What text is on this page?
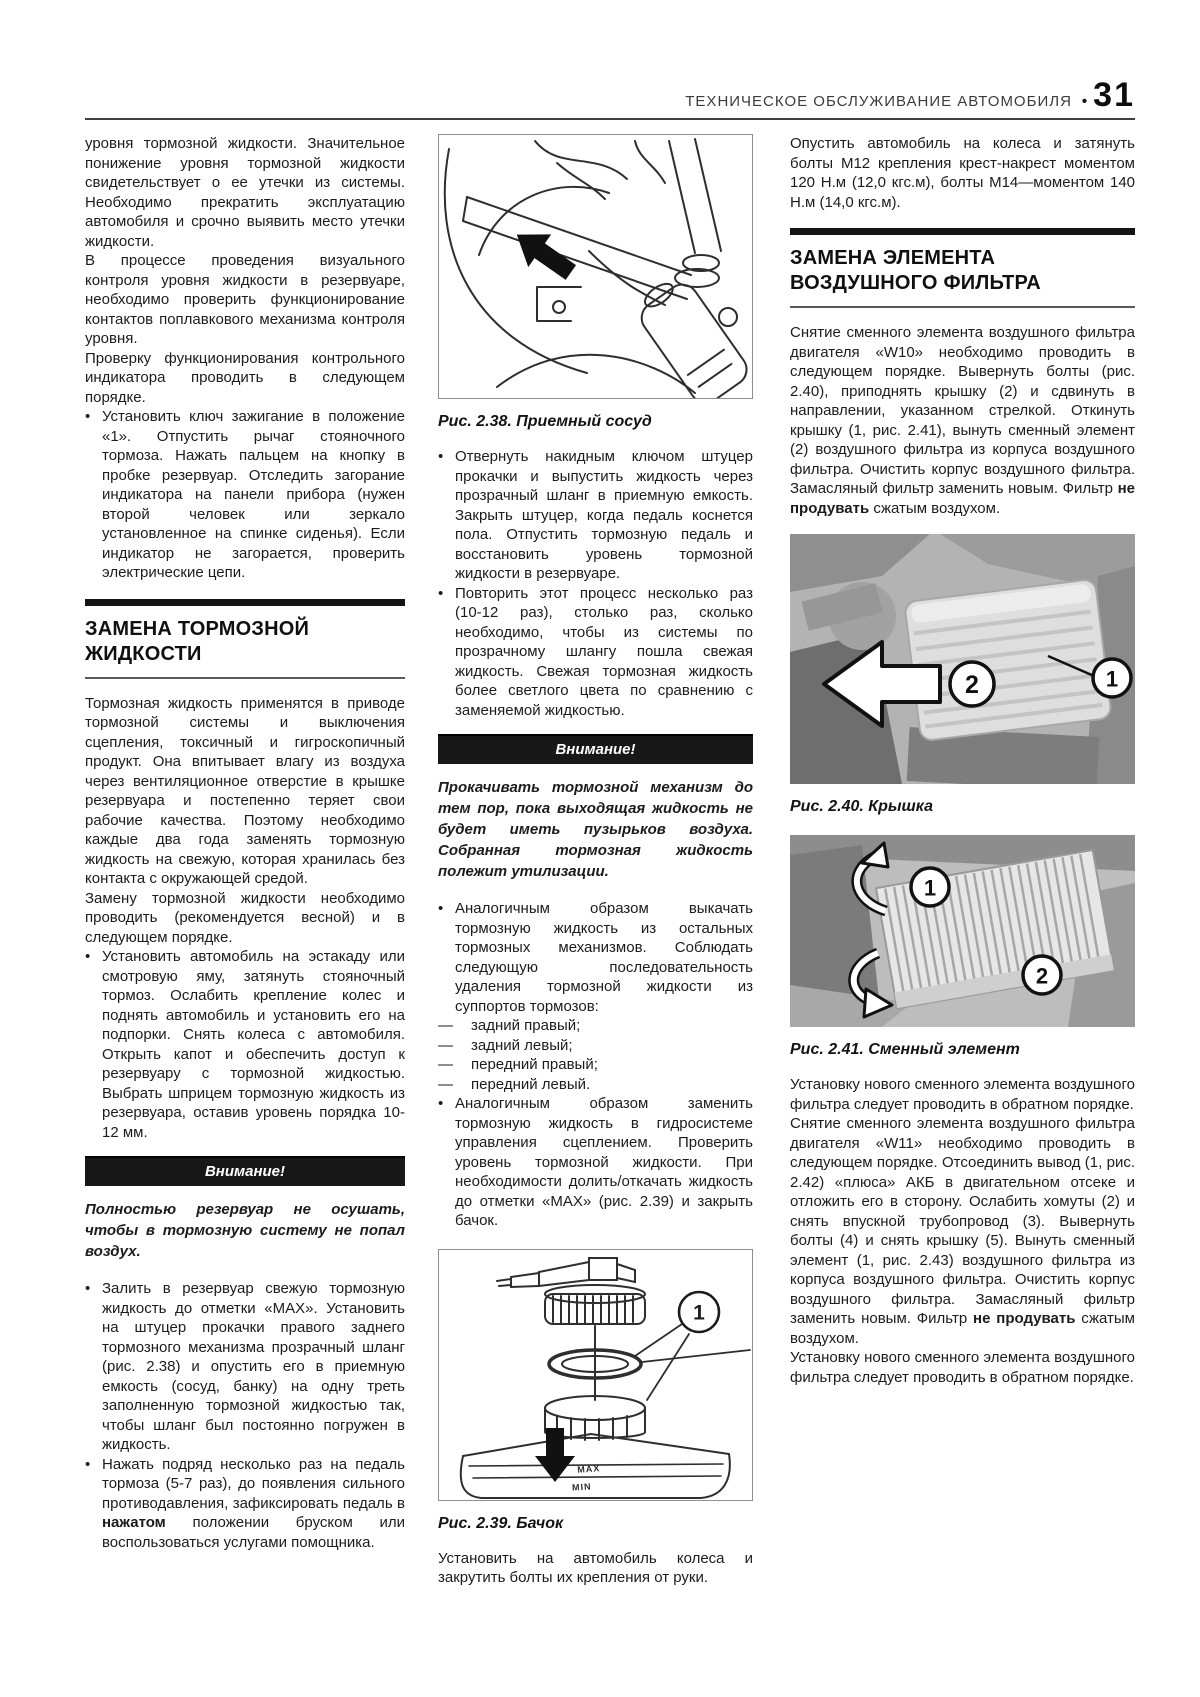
ТЕХНИЧЕСКОЕ ОБСЛУЖИВАНИЕ АВТОМОБИЛЯ • 31

уровня тормозной жидкости. Значительное понижение уровня тормозной жидкости свидетельствует о ее утечки из системы. Необходимо прекратить эксплуатацию автомобиля и срочно выявить место утечки жидкости.

В процессе проведения визуального контроля уровня жидкости в резервуаре, необходимо проверить функционирование контактов поплавкового механизма контроля уровня.

Проверку функционирования контрольного индикатора проводить в следующем порядке.

• Установить ключ зажигание в положение «1». Отпустить рычаг стояночного тормоза. Нажать пальцем на кнопку в пробке резервуар. Отследить загорание индикатора на панели прибора (нужен второй человек или зеркало установленное на спинке сиденья). Если индикатор не загорается, проверить электрические цепи.
ЗАМЕНА ТОРМОЗНОЙ
ЖИДКОСТИ

Тормозная жидкость применятся в приводе тормозной системы и выключения сцепления, токсичный и гигроскопичный продукт. Она впитывает влагу из воздуха через вентиляционное отверстие в крышке резервуара и постепенно теряет свои рабочие качества. Поэтому необходимо каждые два года заменять тормозную жидкость на свежую, которая хранилась без контакта с окружающей средой.

Замену тормозной жидкости необходимо проводить (рекомендуется весной) и в следующем порядке.

• Установить автомобиль на эстакаду или смотровую яму, затянуть стояночный тормоз. Ослабить крепление колес и поднять автомобиль и установить его на подпорки. Снять колеса с автомобиля. Открыть капот и обеспечить доступ к резервуару с тормозной жидкостью. Выбрать шприцем тормозную жидкость из резервуара, оставив уровень порядка 10-12 мм.
Внимание!

Полностью резервуар не осушать, чтобы в тормозную систему не попал воздух.

• Залить в резервуар свежую тормозную жидкость до отметки «MAX». Установить на штуцер прокачки правого заднего тормозного механизма прозрачный шланг (рис. 2.38) и опустить его в приемную емкость (сосуд, банку) на одну треть заполненную тормозной жидкостью так, чтобы шланг был постоянно погружен в жидкость.
• Нажать подряд несколько раз на педаль тормоза (5-7 раз), до появления сильного противодавления, зафиксировать педаль в нажатом положении бруском или воспользоваться услугами помощника.
Рис. 2.38. Приемный сосуд
• Отвернуть накидным ключом штуцер прокачки и выпустить жидкость через прозрачный шланг в приемную емкость. Закрыть штуцер, когда педаль коснется пола. Отпустить тормозную педаль и восстановить уровень тормозной жидкости в резервуаре.
• Повторить этот процесс несколько раз (10-12 раз), столько раз, сколько необходимо, чтобы из системы по прозрачному шлангу пошла свежая жидкость. Свежая тормозная жидкость более светлого цвета по сравнению с заменяемой жидкостью.
Внимание!

Прокачивать тормозной механизм до тем пор, пока выходящая жидкость не будет иметь пузырьков воздуха. Собранная тормозная жидкость полежит утилизации.

• Аналогичным образом выкачать тормозную жидкость из остальных тормозных механизмов. Соблюдать следующую последовательность удаления тормозной жидкости из суппортов тормозов:
—	задний правый;
—	задний левый;
—	передний правый;
—	передний левый.
• Аналогичным образом заменить тормозную жидкость в гидросистеме управления сцеплением. Проверить уровень тормозной жидкости. При необходимости долить/откачать жидкость до отметки «MAX» (рис. 2.39) и закрыть бачок.
1
MAX
MIN
Рис. 2.39. Бачок

Установить на автомобиль колеса и закрутить болты их крепления от руки.

Опустить автомобиль на колеса и затянуть болты М12 крепления крест-накрест моментом 120 Н.м (12,0 кгс.м), болты М14—моментом 140 Н.м (14,0 кгс.м).

ЗАМЕНА ЭЛЕМЕНТА
ВОЗДУШНОГО ФИЛЬТРА

Снятие сменного элемента воздушного фильтра двигателя «W10» необходимо проводить в следующем порядке. Вывернуть болты (рис. 2.40), приподнять крышку (2) и сдвинуть в направлении, указанном стрелкой. Откинуть крышку (1, рис. 2.41), вынуть сменный элемент (2) воздушного фильтра из корпуса воздушного фильтра. Очистить корпус воздушного фильтра. Замасляный фильтр заменить новым. Фильтр не продувать сжатым воздухом.

2	1
Рис. 2.40. Крышка
1
2
Рис. 2.41. Сменный элемент

Установку нового сменного элемента воздушного фильтра следует проводить в обратном порядке.

Снятие сменного элемента воздушного фильтра двигателя «W11» необходимо проводить в следующем порядке. Отсоединить вывод (1, рис. 2.42) «плюса» АКБ в двигательном отсеке и отложить его в сторону. Ослабить хомуты (2) и снять впускной трубопровод (3). Вывернуть болты (4) и снять крышку (5). Вынуть сменный элемент (1, рис. 2.43) воздушного фильтра из корпуса воздушного фильтра. Очистить корпус воздушного фильтра. Замасляный фильтр заменить новым. Фильтр не продувать сжатым воздухом.

Установку нового сменного элемента воздушного фильтра следует проводить в обратном порядке.
